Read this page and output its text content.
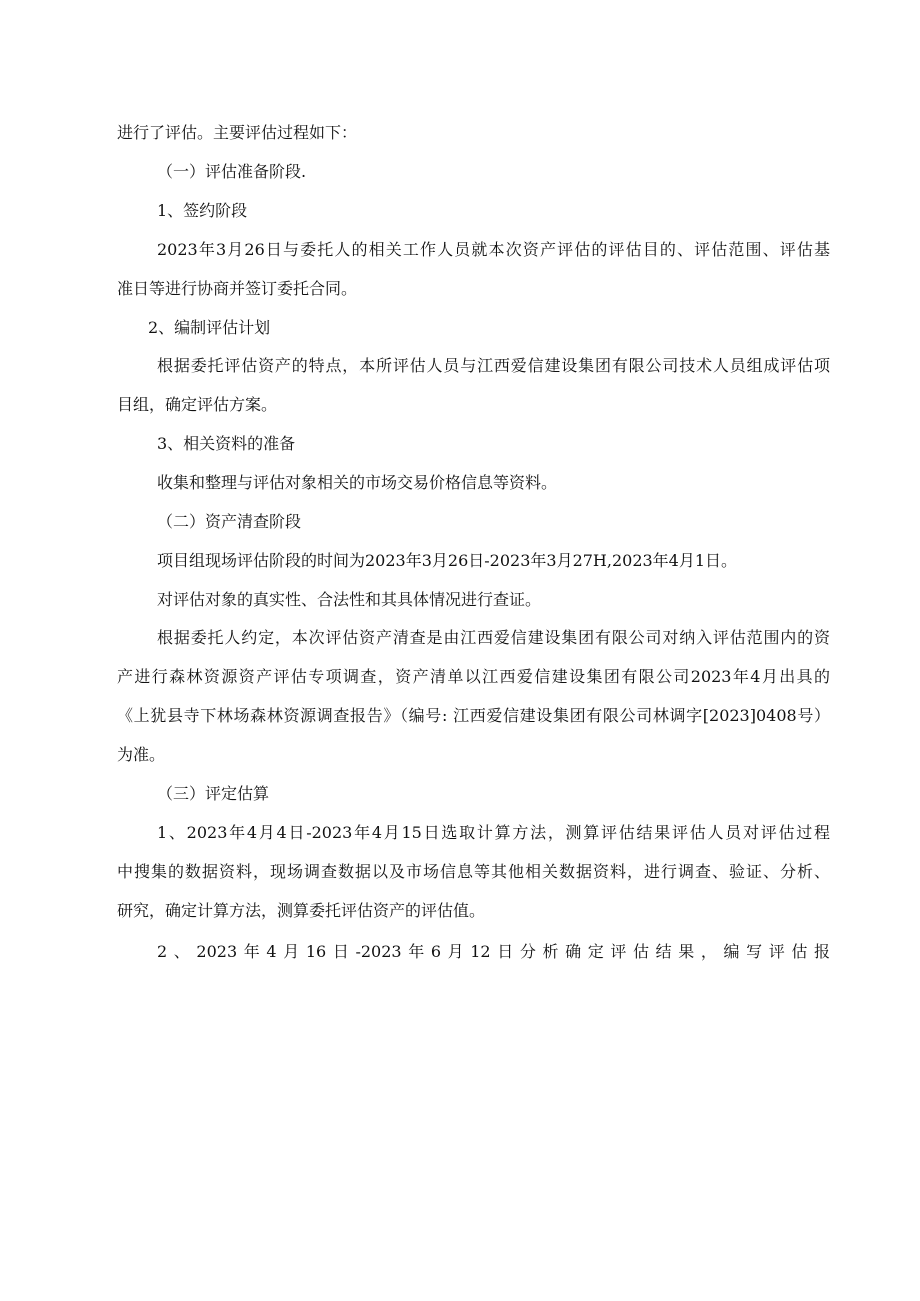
进行了评估。主要评估过程如下：

（一）评估准备阶段.

1、签约阶段

2023年3月26日与委托人的相关工作人员就本次资产评估的评估目的、评估范围、评估基

准日等进行协商并签订委托合同。

2、编制评估计划

根据委托评估资产的特点，本所评估人员与江西爱信建设集团有限公司技术人员组成评估项

目组，确定评估方案。

3、相关资料的准备

收集和整理与评估对象相关的市场交易价格信息等资料。

（二）资产清查阶段

项目组现场评估阶段的时间为2023年3月26日-2023年3月27H,2023年4月1日。

对评估对象的真实性、合法性和其具体情况进行查证。

根据委托人约定，本次评估资产清查是由江西爱信建设集团有限公司对纳入评估范围内的资

产进行森林资源资产评估专项调查，资产清单以江西爱信建设集团有限公司2023年4月出具的

《上犹县寺下林场森林资源调查报告》（编号: 江西爱信建设集团有限公司林调字[2023]0408号）

为准。

（三）评定估算

1、2023年4月4日-2023年4月15日选取计算方法，测算评估结果评估人员对评估过程

中搜集的数据资料，现场调查数据以及市场信息等其他相关数据资料，进行调查、验证、分析、

研究，确定计算方法，测算委托评估资产的评估值。

2、2023年4月16日-2023年6月12日分析确定评估结果，编写评估报
